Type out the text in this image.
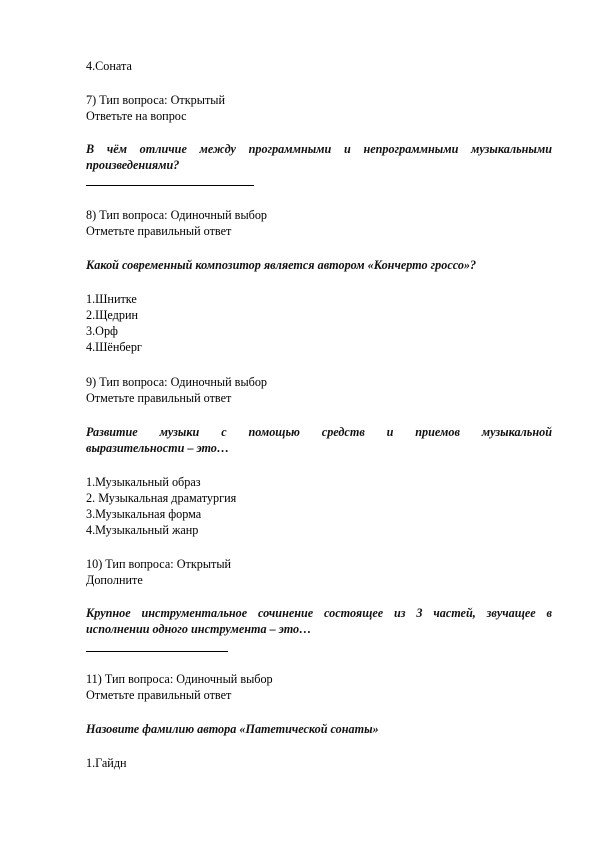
4.Соната
7) Тип вопроса: Открытый
Ответьте на вопрос
В чём отличие между программными и непрограммными музыкальными
произведениями?
8) Тип вопроса: Одиночный выбор
Отметьте правильный ответ
Какой современный композитор является автором «Кончерто гроссо»?
1.Шнитке
2.Щедрин
3.Орф
4.Шёнберг
9) Тип вопроса: Одиночный выбор
Отметьте правильный ответ
Развитие музыки с помощью средств и приемов музыкальной
выразительности – это…
1.Музыкальный образ
2. Музыкальная драматургия
3.Музыкальная форма
4.Музыкальный жанр
10) Тип вопроса: Открытый
Дополните
Крупное инструментальное сочинение состоящее из 3 частей, звучащее в
исполнении одного инструмента – это…
11) Тип вопроса: Одиночный выбор
Отметьте правильный ответ
Назовите фамилию автора «Патетической сонаты»
1.Гайдн
